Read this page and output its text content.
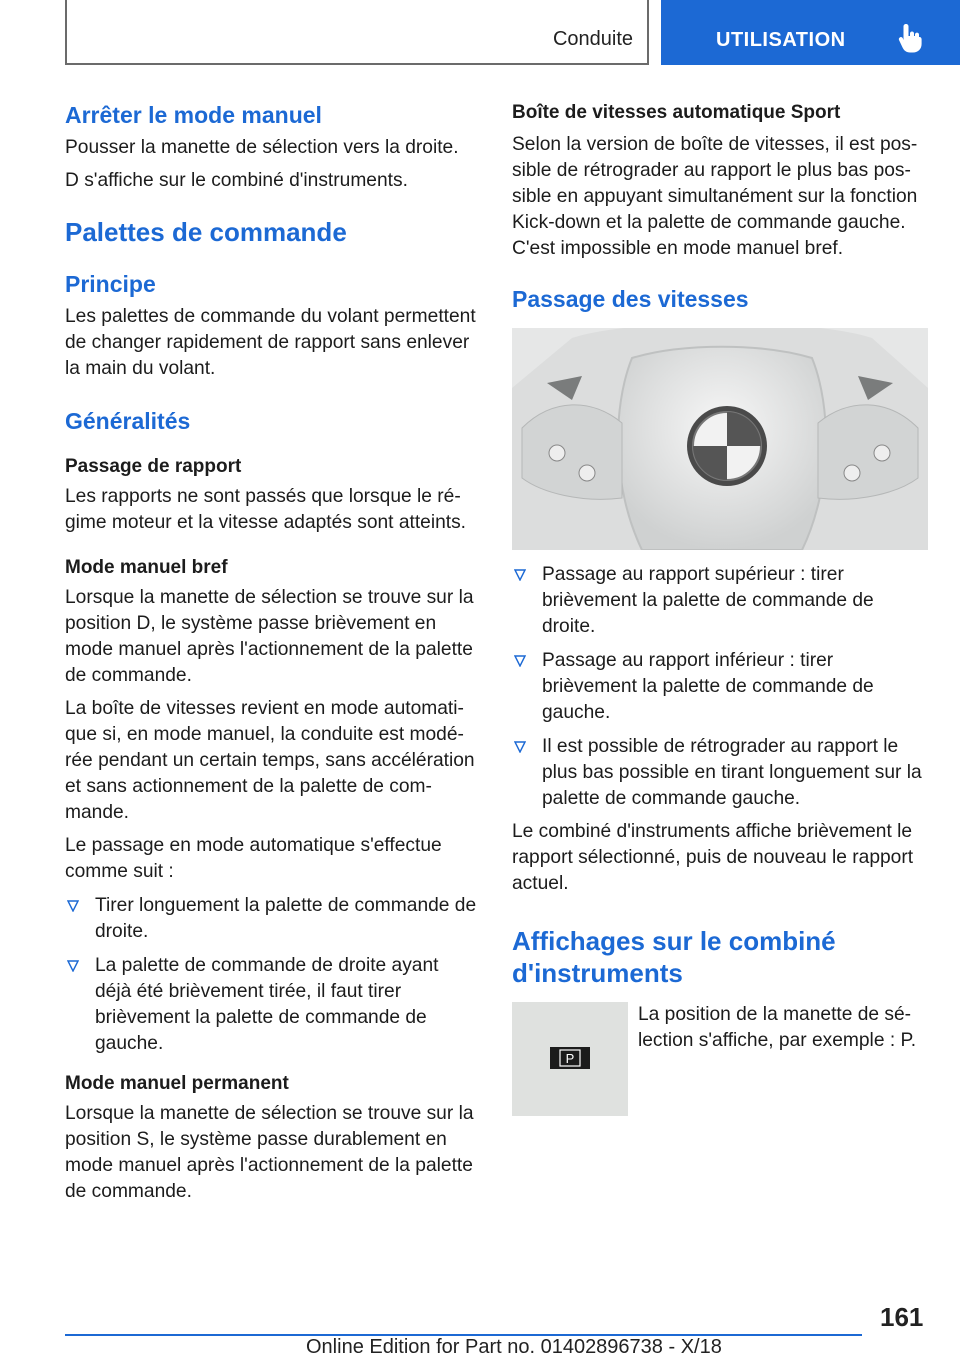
Conduite	UTILISATION
Arrêter le mode manuel
Pousser la manette de sélection vers la droite.
D s'affiche sur le combiné d'instruments.
Palettes de commande
Principe
Les palettes de commande du volant permettent de changer rapidement de rapport sans enlever la main du volant.
Généralités
Passage de rapport
Les rapports ne sont passés que lorsque le ré‐gime moteur et la vitesse adaptés sont atteints.
Mode manuel bref
Lorsque la manette de sélection se trouve sur la position D, le système passe brièvement en mode manuel après l'actionnement de la palette de commande.
La boîte de vitesses revient en mode automati‐que si, en mode manuel, la conduite est modé‐rée pendant un certain temps, sans accélération et sans actionnement de la palette de com‐mande.
Le passage en mode automatique s'effectue comme suit :
Tirer longuement la palette de commande de droite.
La palette de commande de droite ayant déjà été brièvement tirée, il faut tirer brièvement la palette de commande de gauche.
Mode manuel permanent
Lorsque la manette de sélection se trouve sur la position S, le système passe durablement en mode manuel après l'actionnement de la palette de commande.
Boîte de vitesses automatique Sport
Selon la version de boîte de vitesses, il est pos‐sible de rétrograder au rapport le plus bas pos‐sible en appuyant simultanément sur la fonction Kick-down et la palette de commande gauche.
C'est impossible en mode manuel bref.
Passage des vitesses
Passage au rapport supérieur : tirer brièvement la palette de commande de droite.
Passage au rapport inférieur : tirer brièvement la palette de commande de gauche.
Il est possible de rétrograder au rapport le plus bas possible en tirant longuement sur la palette de commande gauche.
Le combiné d'instruments affiche brièvement le rapport sélectionné, puis de nouveau le rapport actuel.
Affichages sur le combiné d'instruments
P
La position de la manette de sé‐lection s'affiche, par exemple : P.
161
Online Edition for Part no. 01402896738 - X/18
